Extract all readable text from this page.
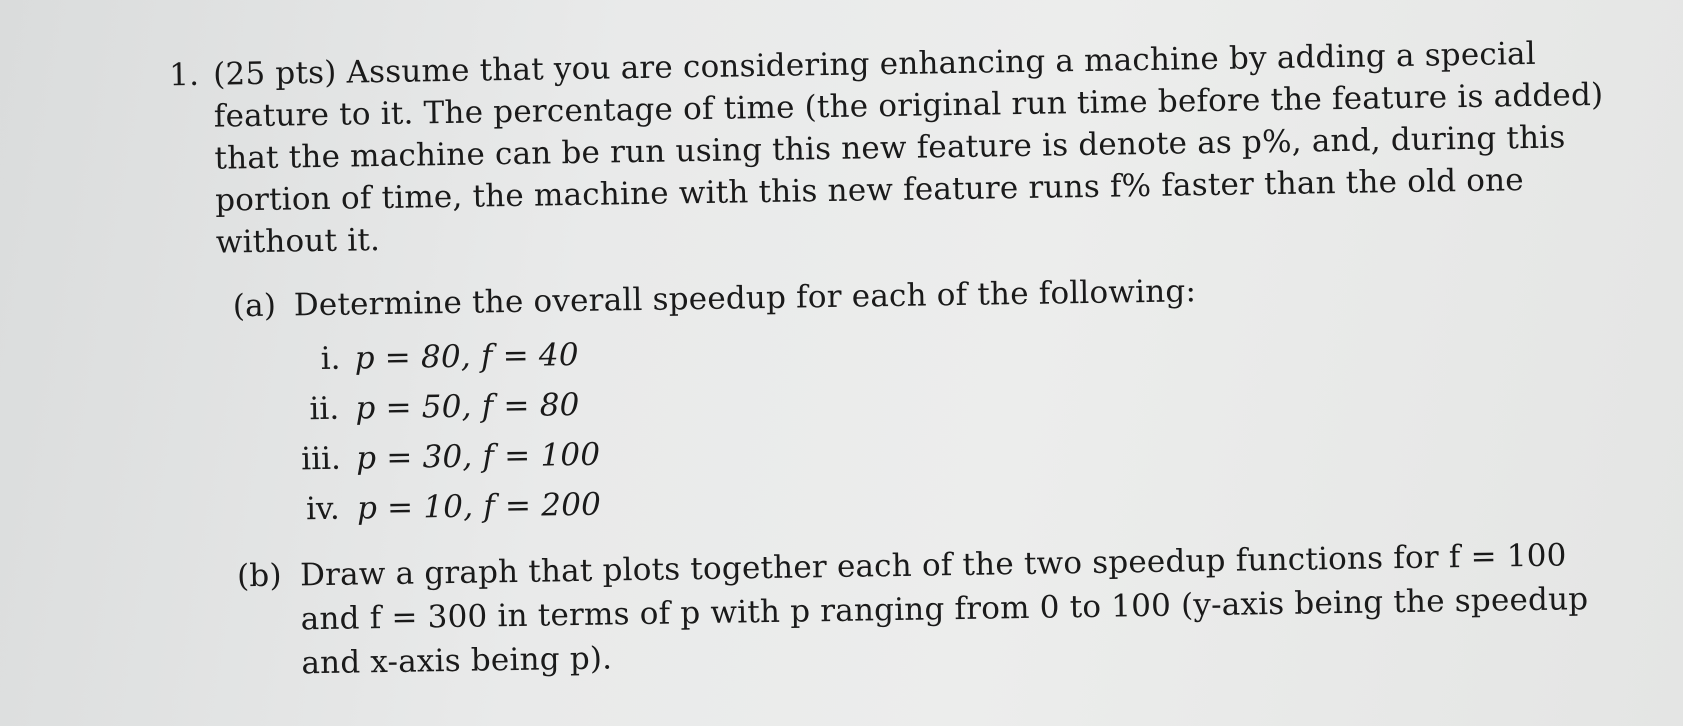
1. (25 pts) Assume that you are considering enhancing a machine by adding a special
feature to it. The percentage of time (the original run time before the feature is added)
that the machine can be run using this new feature is denote as p%, and, during this
portion of time, the machine with this new feature runs f% faster than the old one
without it.
(a) Determine the overall speedup for each of the following:
i. p = 80, f = 40
ii. p = 50, f = 80
iii. p = 30, f = 100
iv. p = 10, f = 200
(b) Draw a graph that plots together each of the two speedup functions for f = 100
and f = 300 in terms of p with p ranging from 0 to 100 (y-axis being the speedup
and x-axis being p).
